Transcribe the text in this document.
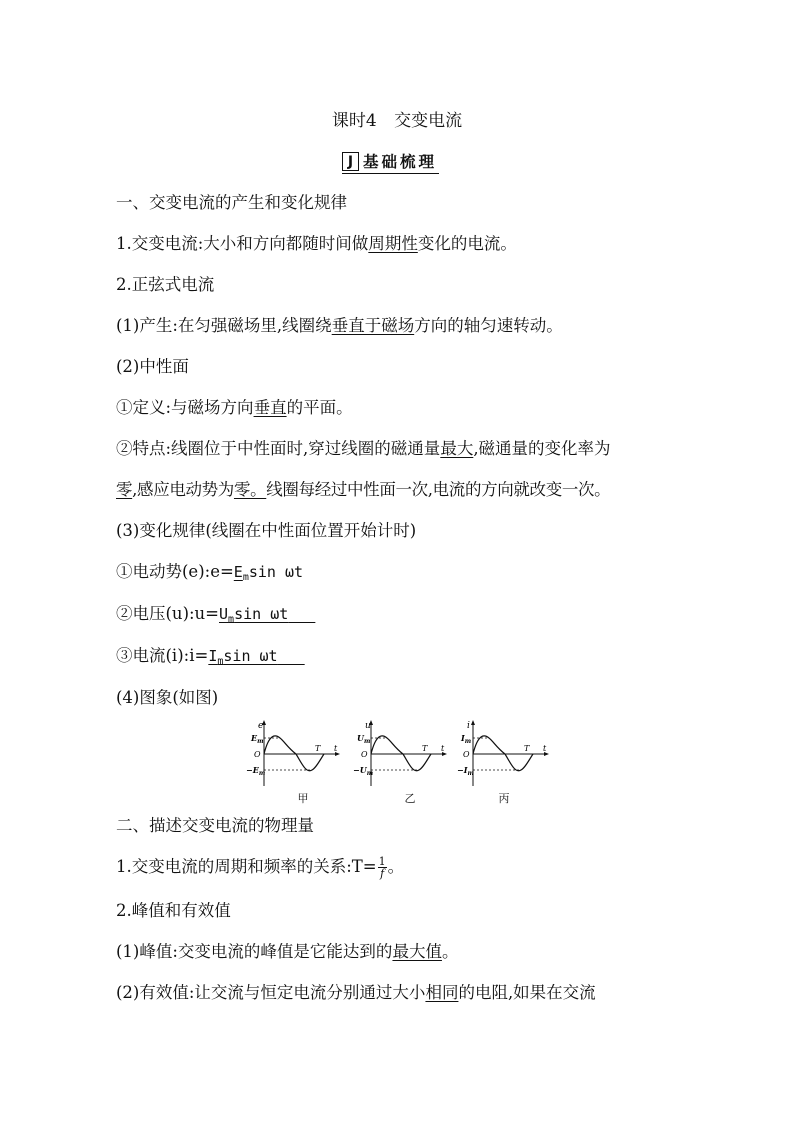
课时4 交变电流
J 基础梳理
一、交变电流的产生和变化规律
1.交变电流:大小和方向都随时间做周期性变化的电流。
2.正弦式电流
(1)产生:在匀强磁场里,线圈绕垂直于磁场方向的轴匀速转动。
(2)中性面
①定义:与磁场方向垂直的平面。
②特点:线圈位于中性面时,穿过线圈的磁通量最大,磁通量的变化率为
零,感应电动势为零。线圈每经过中性面一次,电流的方向就改变一次。
(3)变化规律(线圈在中性面位置开始计时)
①电动势$(e):e=E_m\sin$ ωt
②电压$(u):u=U_m\sin$ ωt
③电流$(i):i=I_m\sin$ ωt
(4)图象(如图)
e
$E_m$
O
$-E_m$
T t
甲
u
$U_m$
O
$-U_m$
T t
乙
i
$I_m$
O
$-I_m$
T t
丙
二、描述交变电流的物理量
1.交变电流的周期和频率的关系:T= $\frac{1}{f}$ 。
2.峰值和有效值
(1)峰值:交变电流的峰值是它能达到的最大值。
(2)有效值:让交流与恒定电流分别通过大小相同的电阻,如果在交流
